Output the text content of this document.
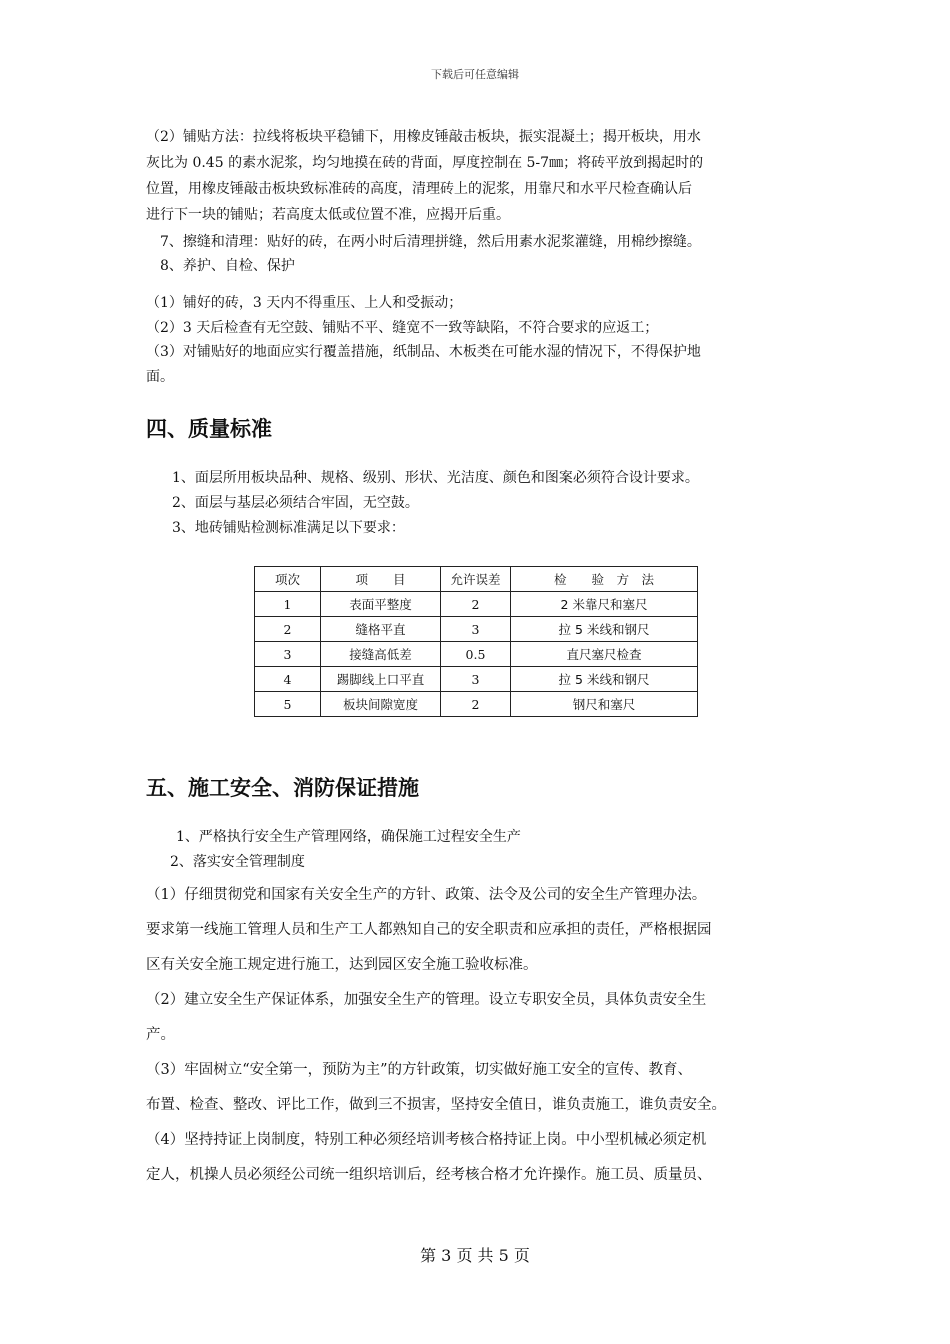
下载后可任意编辑
（2）铺贴方法：拉线将板块平稳铺下，用橡皮锤敲击板块，振实混凝土；揭开板块，用水
灰比为 0.45 的素水泥浆，均匀地摸在砖的背面，厚度控制在 5-7㎜；将砖平放到揭起时的
位置，用橡皮锤敲击板块致标准砖的高度，清理砖上的泥浆，用靠尺和水平尺检查确认后
进行下一块的铺贴；若高度太低或位置不准，应揭开后重。
7、擦缝和清理：贴好的砖，在两小时后清理拼缝，然后用素水泥浆灌缝，用棉纱擦缝。
8、养护、自检、保护
（1）铺好的砖，3 天内不得重压、上人和受振动；
（2）3 天后检查有无空鼓、铺贴不平、缝宽不一致等缺陷，不符合要求的应返工；
（3）对铺贴好的地面应实行覆盖措施，纸制品、木板类在可能水湿的情况下，不得保护地
面。
四、质量标准
1、面层所用板块品种、规格、级别、形状、光洁度、颜色和图案必须符合设计要求。
2、面层与基层必须结合牢固，无空鼓。
3、地砖铺贴检测标准满足以下要求：
项次	项　　目	允许误差	检　　验　方　法
1	表面平整度	2	2 米靠尺和塞尺
2	缝格平直	3	拉 5 米线和钢尺
3	接缝高低差	0.5	直尺塞尺检查
4	踢脚线上口平直	3	拉 5 米线和钢尺
5	板块间隙宽度	2	钢尺和塞尺
五、施工安全、消防保证措施
1、严格执行安全生产管理网络，确保施工过程安全生产
2、落实安全管理制度
（1）仔细贯彻党和国家有关安全生产的方针、政策、法令及公司的安全生产管理办法。
要求第一线施工管理人员和生产工人都熟知自己的安全职责和应承担的责任，严格根据园
区有关安全施工规定进行施工，达到园区安全施工验收标准。
（2）建立安全生产保证体系，加强安全生产的管理。设立专职安全员，具体负责安全生
产。
（3）牢固树立“安全第一，预防为主”的方针政策，切实做好施工安全的宣传、教育、
布置、检查、整改、评比工作，做到三不损害，坚持安全值日，谁负责施工，谁负责安全。
（4）坚持持证上岗制度，特别工种必须经培训考核合格持证上岗。中小型机械必须定机
定人，机操人员必须经公司统一组织培训后，经考核合格才允许操作。施工员、质量员、
第 3 页 共 5 页
